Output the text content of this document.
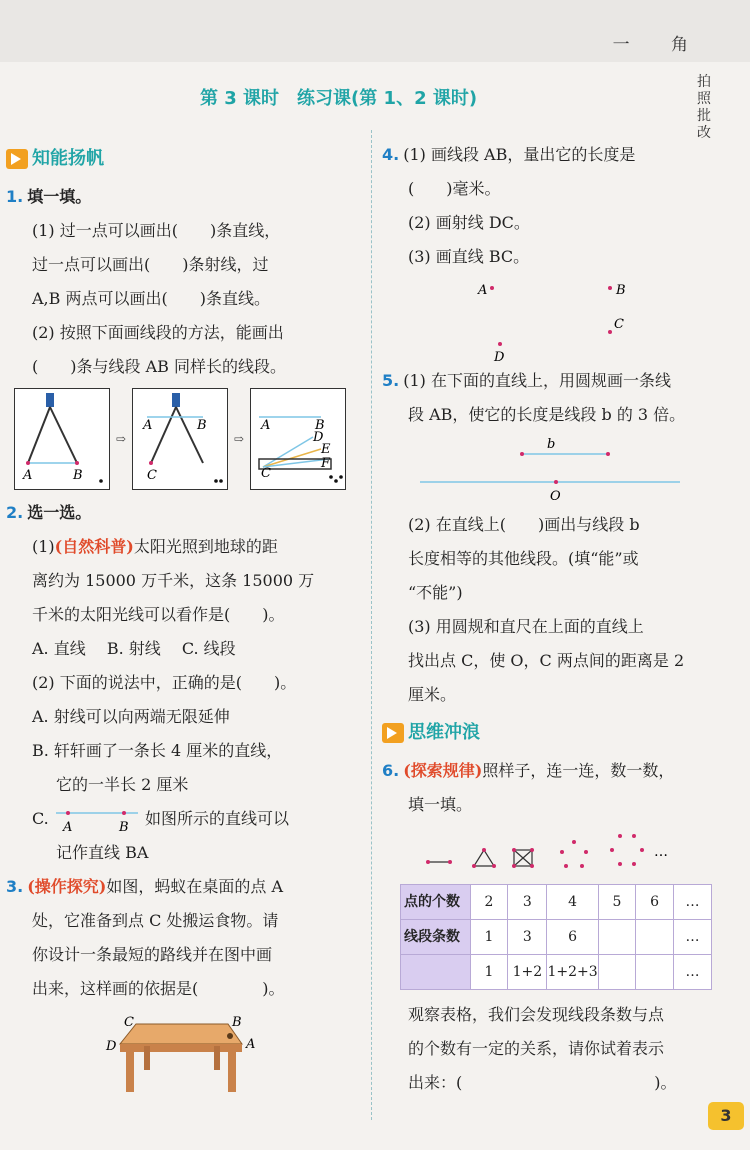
一 角
拍
照
批
改
第 3 课时　练习课(第 1、2 课时)
知能扬帆
1. 填一填。
(1) 过一点可以画出(　　)条直线，
过一点可以画出(　　)条射线，过
A,B 两点可以画出(　　)条直线。
(2) 按照下面画线段的方法，能画出
(　　)条与线段 AB 同样长的线段。
A	B
⇨
A	B
C
⇨
A	B
C
D
E
F
2. 选一选。
(1)(自然科普)太阳光照到地球的距
离约为 15000 万千米，这条 15000 万
千米的太阳光线可以看作是(　　)。
A. 直线　 B. 射线　 C. 线段
(2) 下面的说法中，正确的是(　　)。
A. 射线可以向两端无限延伸
B. 轩轩画了一条长 4 厘米的直线，
它的一半长 2 厘米
C. A	B 如图所示的直线可以
记作直线 BA
3. (操作探究)如图，蚂蚁在桌面的点 A
处，它准备到点 C 处搬运食物。请
你设计一条最短的路线并在图中画
出来，这样画的依据是(　　　　)。
C	B
D	A
4. (1) 画线段 AB，量出它的长度是
(　　)毫米。
(2) 画射线 DC。
(3) 画直线 BC。
A	B
C
D
5. (1) 在下面的直线上，用圆规画一条线
段 AB，使它的长度是线段 b 的 3 倍。
b
O
(2) 在直线上(　　)画出与线段 b
长度相等的其他线段。(填“能”或
“不能”)
(3) 用圆规和直尺在上面的直线上
找出点 C，使 O，C 两点间的距离是 2
厘米。
思维冲浪
6. (探索规律)照样子，连一连，数一数，
填一填。
…
点的个数	2	3	4	5	6	…
线段条数	1	3	6			…
	1	1+2	1+2+3			…
观察表格，我们会发现线段条数与点
的个数有一定的关系，请你试着表示
出来：(　　　　　　　　　　　　)。
3
